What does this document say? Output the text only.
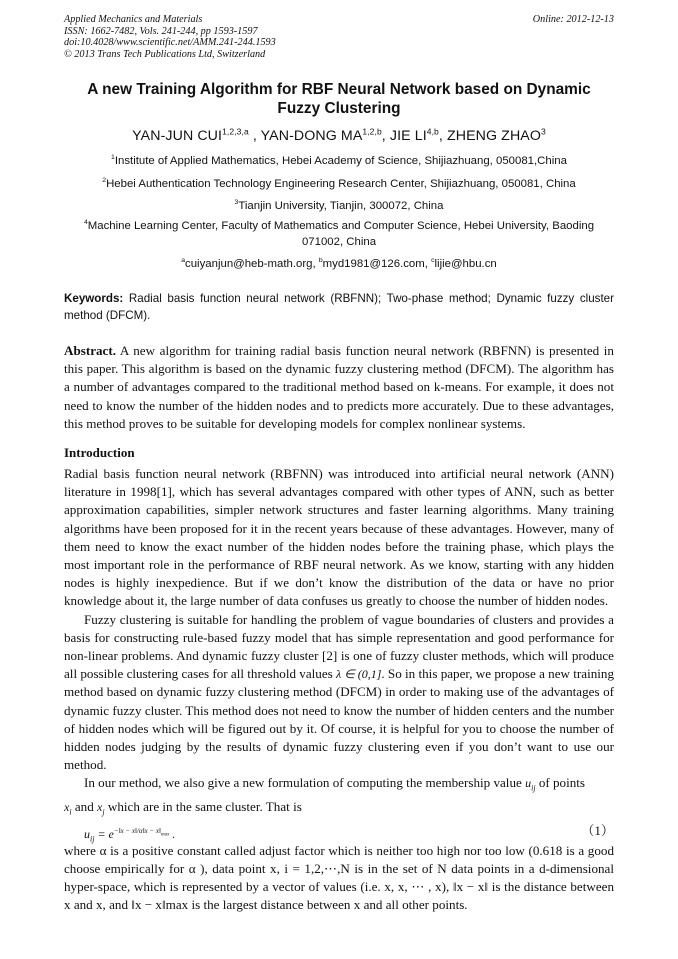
Applied Mechanics and Materials
ISSN: 1662-7482, Vols. 241-244, pp 1593-1597
doi:10.4028/www.scientific.net/AMM.241-244.1593
© 2013 Trans Tech Publications Ltd, Switzerland
Online: 2012-12-13
A new Training Algorithm for RBF Neural Network based on Dynamic Fuzzy Clustering
YAN-JUN CUI$^{1,2,3,a}$ , YAN-DONG MA$^{1,2,b}$, JIE LI$^{4,b}$, ZHENG ZHAO$^3$
$^1$Institute of Applied Mathematics, Hebei Academy of Science, Shijiazhuang, 050081,China
$^2$Hebei Authentication Technology Engineering Research Center, Shijiazhuang, 050081, China
$^3$Tianjin University, Tianjin, 300072, China
$^4$Machine Learning Center, Faculty of Mathematics and Computer Science, Hebei University, Baoding 071002, China
$^a$cuiyanjun@heb-math.org, $^b$myd1981@126.com, $^c$lijie@hbu.cn
Keywords: Radial basis function neural network (RBFNN); Two-phase method; Dynamic fuzzy cluster method (DFCM).
Abstract. A new algorithm for training radial basis function neural network (RBFNN) is presented in this paper. This algorithm is based on the dynamic fuzzy clustering method (DFCM). The algorithm has a number of advantages compared to the traditional method based on k-means. For example, it does not need to know the number of the hidden nodes and to predicts more accurately. Due to these advantages, this method proves to be suitable for developing models for complex nonlinear systems.
Introduction

Radial basis function neural network (RBFNN) was introduced into artificial neural network (ANN) literature in 1998[1], which has several advantages compared with other types of ANN, such as better approximation capabilities, simpler network structures and faster learning algorithms. Many training algorithms have been proposed for it in the recent years because of these advantages. However, many of them need to know the exact number of the hidden nodes before the training phase, which plays the most important role in the performance of RBF neural network. As we know, starting with any hidden nodes is highly inexpedience. But if we don’t know the distribution of the data or have no prior knowledge about it, the large number of data confuses us greatly to choose the number of hidden nodes.

Fuzzy clustering is suitable for handling the problem of vague boundaries of clusters and provides a basis for constructing rule-based fuzzy model that has simple representation and good performance for non-linear problems. And dynamic fuzzy cluster [2] is one of fuzzy cluster methods, which will produce all possible clustering cases for all threshold values λ ∈ (0,1]. So in this paper, we propose a new training method based on dynamic fuzzy clustering method (DFCM) in order to making use of the advantages of dynamic fuzzy cluster. This method does not need to know the number of hidden centers and the number of hidden nodes which will be figured out by it. Of course, it is helpful for you to choose the number of hidden nodes judging by the results of dynamic fuzzy clustering even if you don’t want to use our method.

In our method, we also give a new formulation of computing the membership value $u_{ij}$ of points
$x_i$ and $x_j$ which are in the same cluster. That is

$u_{ij} = e^{-‖x - x‖/\alpha‖x - x‖_{max}}$ .	（1）

where α is a positive constant called adjust factor which is neither too high nor too low (0.618 is a good choose empirically for α ), data point x, i = 1,2,⋯,N is in the set of N data points in a d-dimensional hyper-space, which is represented by a vector of values (i.e. x, x, ⋯ , x), ‖x − x‖ is the distance between x and x, and ‖x − x‖max is the largest distance between x and all other points.
